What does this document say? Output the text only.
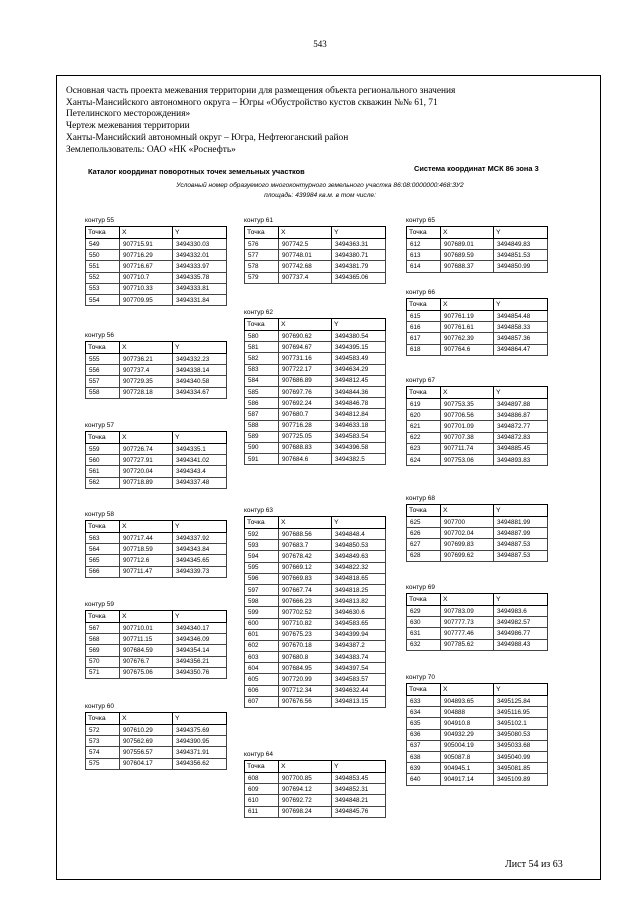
543
Основная часть проекта межевания территории для размещения объекта регионального значения
Ханты-Мансийского автономного округа – Югры «Обустройство кустов скважин №№ 61, 71
Петелинского месторождения»
Чертеж межевания территории
Ханты-Мансийский автономный округ – Югра, Нефтеюганский район
Землепользователь: ОАО «НК «Роснефть»
Каталог координат поворотных точек земельных участков	Система координат МСК 86 зона 3
Условный номер образуемого многоконтурного земельного участка 86:08:0000000:468:ЗУ2
площадь: 439984 кв.м. в том числе:
контур 55
Точка	X	Y
549	907715.91	3494330.03
550	907716.29	3494332.01
551	907716.67	3494333.97
552	907710.7	3494335.78
553	907710.33	3494333.81
554	907709.95	3494331.84
контур 56
Точка	X	Y
555	907736.21	3494332.23
556	907737.4	3494338.14
557	907729.35	3494340.58
558	907728.18	3494334.67
контур 57
Точка	X	Y
559	907726.74	3494335.1
560	907727.91	3494341.02
561	907720.04	3494343.4
562	907718.89	3494337.48
контур 58
Точка	X	Y
563	907717.44	3494337.92
564	907718.59	3494343.84
565	907712.6	3494345.65
566	907711.47	3494339.73
контур 59
Точка	X	Y
567	907710.01	3494340.17
568	907711.15	3494346.09
569	907684.59	3494354.14
570	907676.7	3494356.21
571	907675.06	3494350.76
контур 60
Точка	X	Y
572	907610.29	3494375.69
573	907562.69	3494390.95
574	907556.57	3494371.91
575	907604.17	3494356.62
контур 61
Точка	X	Y
576	907742.5	3494363.31
577	907748.01	3494380.71
578	907742.68	3494381.79
579	907737.4	3494365.06
контур 62
Точка	X	Y
580	907690.62	3494380.54
581	907694.67	3494395.15
582	907731.16	3494583.49
583	907722.17	3494634.29
584	907686.89	3494812.45
585	907697.76	3494844.36
586	907692.24	3494846.78
587	907680.7	3494812.84
588	907716.28	3494633.18
589	907725.05	3494583.54
590	907688.83	3494396.58
591	907684.6	3494382.5
контур 63
Точка	X	Y
592	907688.56	3494848.4
593	907683.7	3494850.53
594	907678.42	3494849.63
595	907669.12	3494822.32
596	907669.83	3494818.65
597	907667.74	3494818.25
598	907666.23	3494813.82
599	907702.52	3494630.6
600	907710.82	3494583.65
601	907675.23	3494399.94
602	907670.18	3494387.2
603	907680.8	3494383.74
604	907684.95	3494397.54
605	907720.99	3494583.57
606	907712.34	3494632.44
607	907676.56	3494813.15
контур 64
Точка	X	Y
608	907700.85	3494853.45
609	907694.12	3494852.31
610	907692.72	3494848.21
611	907698.24	3494845.76
контур 65
Точка	X	Y
612	907689.01	3494849.83
613	907689.59	3494851.53
614	907688.37	3494850.99
контур 66
Точка	X	Y
615	907761.19	3494854.48
616	907761.61	3494858.33
617	907762.39	3494857.36
618	907764.6	3494864.47
контур 67
Точка	X	Y
619	907753.35	3494897.88
620	907706.56	3494886.87
621	907701.09	3494872.77
622	907707.38	3494872.83
623	907711.74	3494885.45
624	907753.06	3494893.83
контур 68
Точка	X	Y
625	907700	3494881.99
626	907702.04	3494887.99
627	907699.83	3494887.53
628	907699.62	3494887.53
контур 69
Точка	X	Y
629	907783.09	3494983.6
630	907777.73	3494982.57
631	907777.46	3494986.77
632	907785.62	3494988.43
контур 70
Точка	X	Y
633	904893.65	3495125.84
634	904888	3495116.95
635	904910.8	3495102.1
636	904932.29	3495080.53
637	905004.19	3495033.68
638	905087.8	3495040.99
639	904945.1	3495081.85
640	904917.14	3495109.89
Лист 54 из 63
